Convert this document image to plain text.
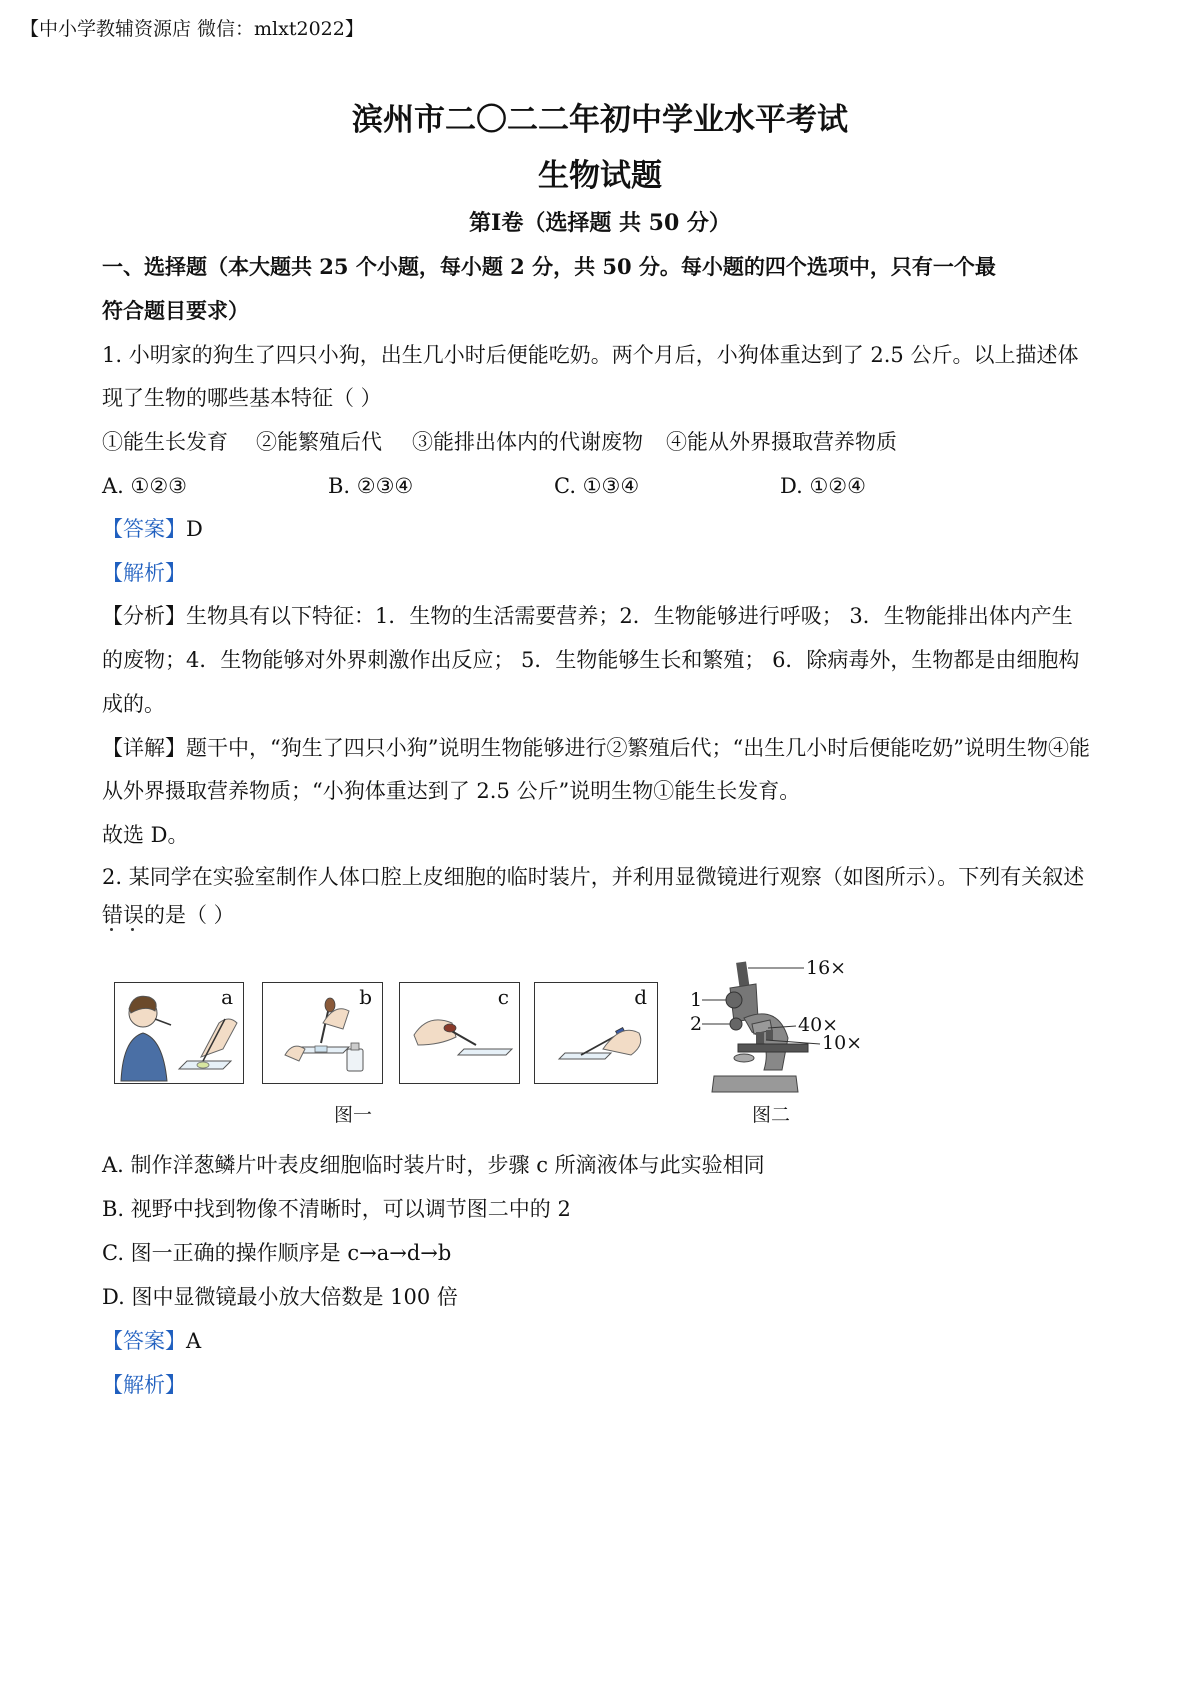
【中小学教辅资源店 微信：mlxt2022】
滨州市二〇二二年初中学业水平考试
生物试题
第Ⅰ卷（选择题 共 50 分）
一、选择题（本大题共 25 个小题，每小题 2 分，共 50 分。每小题的四个选项中，只有一个最
符合题目要求）
1. 小明家的狗生了四只小狗，出生几小时后便能吃奶。两个月后，小狗体重达到了 2.5 公斤。以上描述体
现了生物的哪些基本特征（ ）
①能生长发育 ②能繁殖后代 ③能排出体内的代谢废物 ④能从外界摄取营养物质
A. ①②③	B. ②③④	C. ①③④	D. ①②④
【答案】D
【解析】
【分析】生物具有以下特征：1．生物的生活需要营养；2．生物能够进行呼吸； 3．生物能排出体内产生
的废物；4．生物能够对外界刺激作出反应； 5．生物能够生长和繁殖； 6．除病毒外，生物都是由细胞构
成的。
【详解】题干中，“狗生了四只小狗”说明生物能够进行②繁殖后代；“出生几小时后便能吃奶”说明生物④能
从外界摄取营养物质；“小狗体重达到了 2.5 公斤”说明生物①能生长发育。
故选 D。
2. 某同学在实验室制作人体口腔上皮细胞的临时装片，并利用显微镜进行观察（如图所示）。下列有关叙述
错误的是（ ）
a	b	c	d
图一
16×
1
2	40×
10×
图二
A. 制作洋葱鳞片叶表皮细胞临时装片时，步骤 c 所滴液体与此实验相同
B. 视野中找到物像不清晰时，可以调节图二中的 2
C. 图一正确的操作顺序是 c→a→d→b
D. 图中显微镜最小放大倍数是 100 倍
【答案】A
【解析】
